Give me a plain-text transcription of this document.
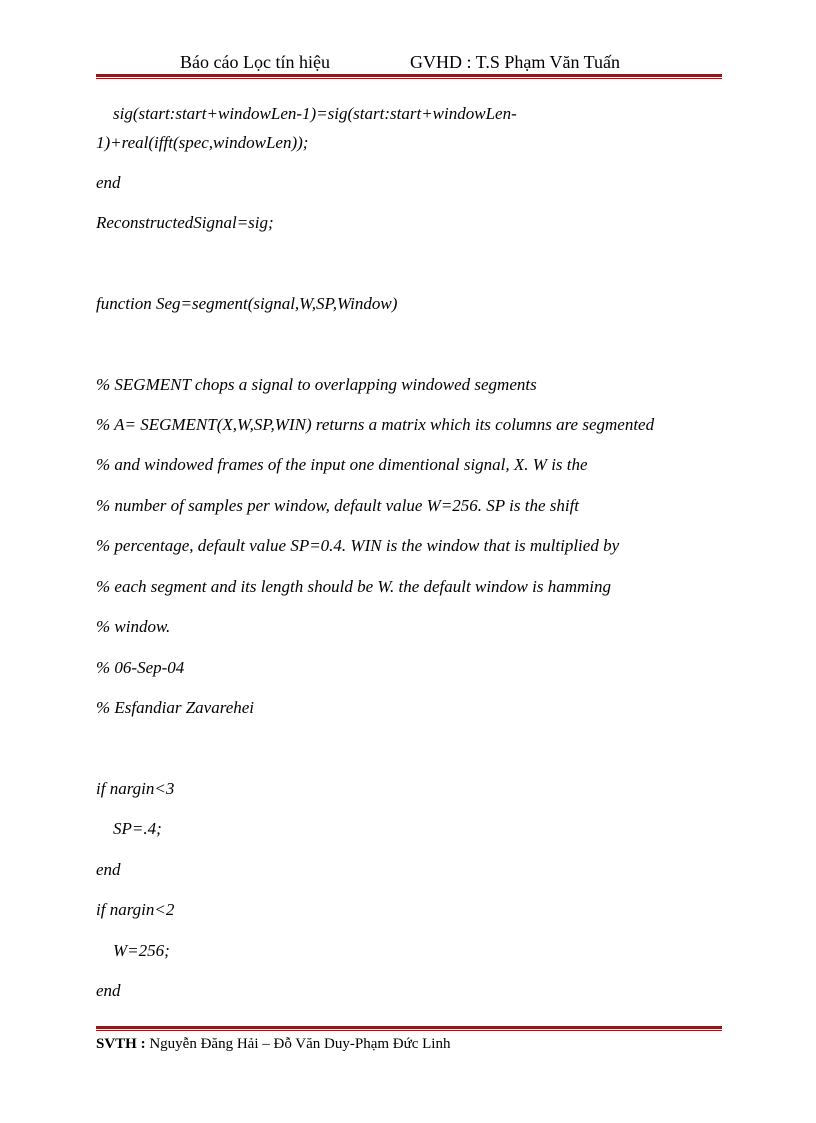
Báo cáo Lọc tín hiệu	GVHD : T.S Phạm Văn Tuấn
sig(start:start+windowLen-1)=sig(start:start+windowLen-
1)+real(ifft(spec,windowLen));
end
ReconstructedSignal=sig;
function Seg=segment(signal,W,SP,Window)
% SEGMENT chops a signal to overlapping windowed segments
% A= SEGMENT(X,W,SP,WIN) returns a matrix which its columns are segmented
% and windowed frames of the input one dimentional signal, X. W is the
% number of samples per window, default value W=256. SP is the shift
% percentage, default value SP=0.4. WIN is the window that is multiplied by
% each segment and its length should be W. the default window is hamming
% window.
% 06-Sep-04
% Esfandiar Zavarehei
if nargin<3
SP=.4;
end
if nargin<2
W=256;
end
SVTH : Nguyễn Đăng Hải – Đỗ Văn Duy-Phạm Đức Linh
